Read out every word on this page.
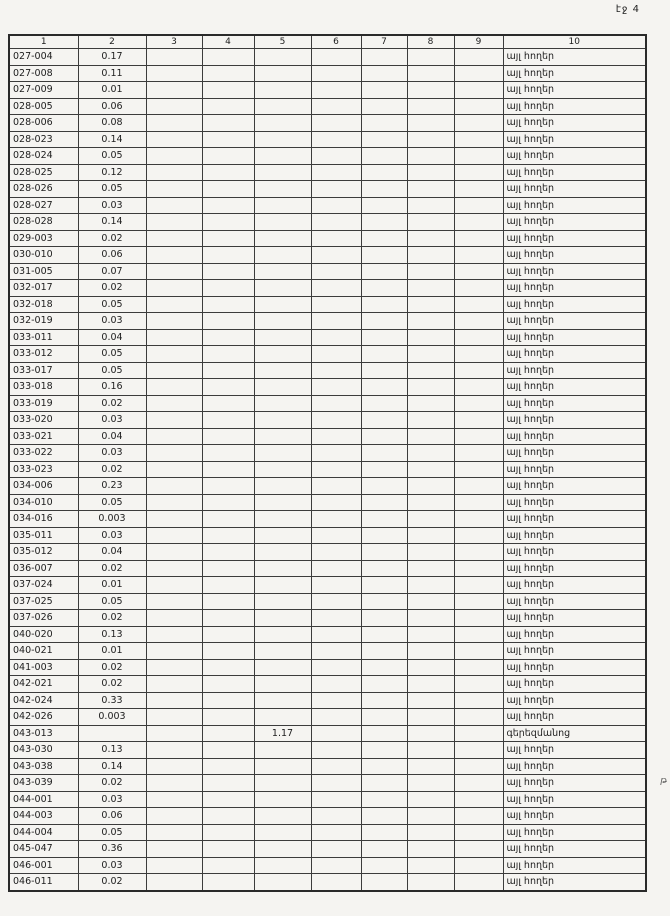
էջ 4
1	2	3	4	5	6	7	8	9	10
027-004	0.17								այլ հողեր
027-008	0.11								այլ հողեր
027-009	0.01								այլ հողեր
028-005	0.06								այլ հողեր
028-006	0.08								այլ հողեր
028-023	0.14								այլ հողեր
028-024	0.05								այլ հողեր
028-025	0.12								այլ հողեր
028-026	0.05								այլ հողեր
028-027	0.03								այլ հողեր
028-028	0.14								այլ հողեր
029-003	0.02								այլ հողեր
030-010	0.06								այլ հողեր
031-005	0.07								այլ հողեր
032-017	0.02								այլ հողեր
032-018	0.05								այլ հողեր
032-019	0.03								այլ հողեր
033-011	0.04								այլ հողեր
033-012	0.05								այլ հողեր
033-017	0.05								այլ հողեր
033-018	0.16								այլ հողեր
033-019	0.02								այլ հողեր
033-020	0.03								այլ հողեր
033-021	0.04								այլ հողեր
033-022	0.03								այլ հողեր
033-023	0.02								այլ հողեր
034-006	0.23								այլ հողեր
034-010	0.05								այլ հողեր
034-016	0.003								այլ հողեր
035-011	0.03								այլ հողեր
035-012	0.04								այլ հողեր
036-007	0.02								այլ հողեր
037-024	0.01								այլ հողեր
037-025	0.05								այլ հողեր
037-026	0.02								այլ հողեր
040-020	0.13								այլ հողեր
040-021	0.01								այլ հողեր
041-003	0.02								այլ հողեր
042-021	0.02								այլ հողեր
042-024	0.33								այլ հողեր
042-026	0.003								այլ հողեր
043-013				1.17					գերեզմանոց
043-030	0.13								այլ հողեր
043-038	0.14								այլ հողեր
043-039	0.02								այլ հողեր
044-001	0.03								այլ հողեր
044-003	0.06								այլ հողեր
044-004	0.05								այլ հողեր
045-047	0.36								այլ հողեր
046-001	0.03								այլ հողեր
046-011	0.02								այլ հողեր
թ
